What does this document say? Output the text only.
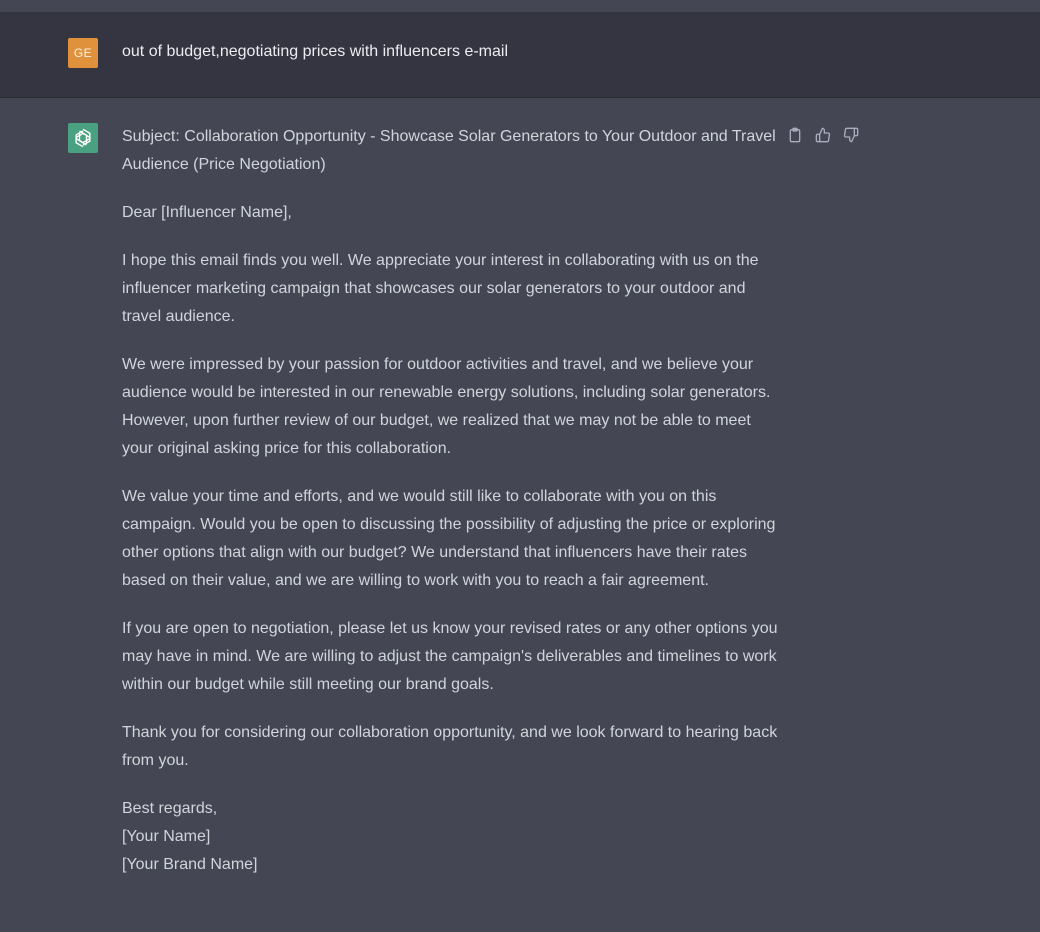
GE	out of budget,negotiating prices with influencers e-mail

Subject: Collaboration Opportunity - Showcase Solar Generators to Your Outdoor and Travel Audience (Price Negotiation)

Dear [Influencer Name],

I hope this email finds you well. We appreciate your interest in collaborating with us on the influencer marketing campaign that showcases our solar generators to your outdoor and travel audience.

We were impressed by your passion for outdoor activities and travel, and we believe your audience would be interested in our renewable energy solutions, including solar generators. However, upon further review of our budget, we realized that we may not be able to meet your original asking price for this collaboration.

We value your time and efforts, and we would still like to collaborate with you on this campaign. Would you be open to discussing the possibility of adjusting the price or exploring other options that align with our budget? We understand that influencers have their rates based on their value, and we are willing to work with you to reach a fair agreement.

If you are open to negotiation, please let us know your revised rates or any other options you may have in mind. We are willing to adjust the campaign's deliverables and timelines to work within our budget while still meeting our brand goals.

Thank you for considering our collaboration opportunity, and we look forward to hearing back from you.

Best regards,
[Your Name]
[Your Brand Name]
